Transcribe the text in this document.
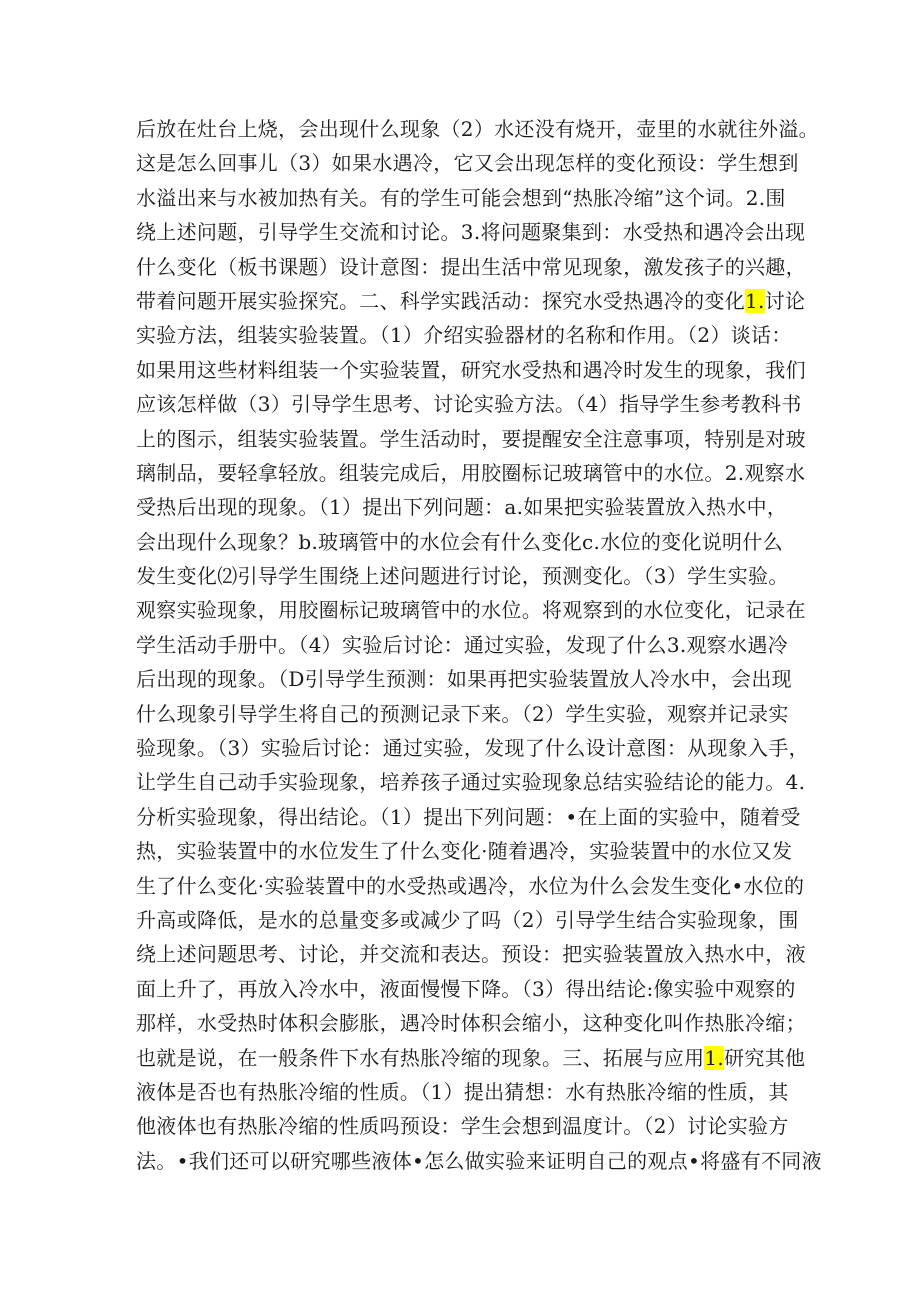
后放在灶台上烧，会出现什么现象（2）水还没有烧开，壶里的水就往外溢。
这是怎么回事儿（3）如果水遇冷，它又会出现怎样的变化预设：学生想到
水溢出来与水被加热有关。有的学生可能会想到“热胀冷缩”这个词。2.围
绕上述问题，引导学生交流和讨论。3.将问题聚集到：水受热和遇冷会出现
什么变化（板书课题）设计意图：提出生活中常见现象，激发孩子的兴趣，
带着问题开展实验探究。二、科学实践活动：探究水受热遇冷的变化1.讨论
实验方法，组装实验装置。（1）介绍实验器材的名称和作用。（2）谈话：
如果用这些材料组装一个实验装置，研究水受热和遇冷时发生的现象，我们
应该怎样做（3）引导学生思考、讨论实验方法。（4）指导学生参考教科书
上的图示，组装实验装置。学生活动时，要提醒安全注意事项，特别是对玻
璃制品，要轻拿轻放。组装完成后，用胶圈标记玻璃管中的水位。2.观察水
受热后出现的现象。（1）提出下列问题：a.如果把实验装置放入热水中，
会出现什么现象？b.玻璃管中的水位会有什么变化c.水位的变化说明什么
发生变化⑵引导学生围绕上述问题进行讨论，预测变化。（3）学生实验。
观察实验现象，用胶圈标记玻璃管中的水位。将观察到的水位变化，记录在
学生活动手册中。（4）实验后讨论：通过实验，发现了什么3.观察水遇冷
后出现的现象。（D引导学生预测：如果再把实验装置放人冷水中，会出现
什么现象引导学生将自己的预测记录下来。（2）学生实验，观察并记录实
验现象。（3）实验后讨论：通过实验，发现了什么设计意图：从现象入手，
让学生自己动手实验现象，培养孩子通过实验现象总结实验结论的能力。4.
分析实验现象，得出结论。（1）提出下列问题：•在上面的实验中，随着受
热，实验装置中的水位发生了什么变化·随着遇冷，实验装置中的水位又发
生了什么变化·实验装置中的水受热或遇冷，水位为什么会发生变化•水位的
升高或降低，是水的总量变多或减少了吗（2）引导学生结合实验现象，围
绕上述问题思考、讨论，并交流和表达。预设：把实验装置放入热水中，液
面上升了，再放入冷水中，液面慢慢下降。（3）得出结论:像实验中观察的
那样，水受热时体积会膨胀，遇冷时体积会缩小，这种变化叫作热胀冷缩；
也就是说，在一般条件下水有热胀冷缩的现象。三、拓展与应用1.研究其他
液体是否也有热胀冷缩的性质。（1）提出猜想：水有热胀冷缩的性质，其
他液体也有热胀冷缩的性质吗预设：学生会想到温度计。（2）讨论实验方
法。•我们还可以研究哪些液体•怎么做实验来证明自己的观点•将盛有不同液
